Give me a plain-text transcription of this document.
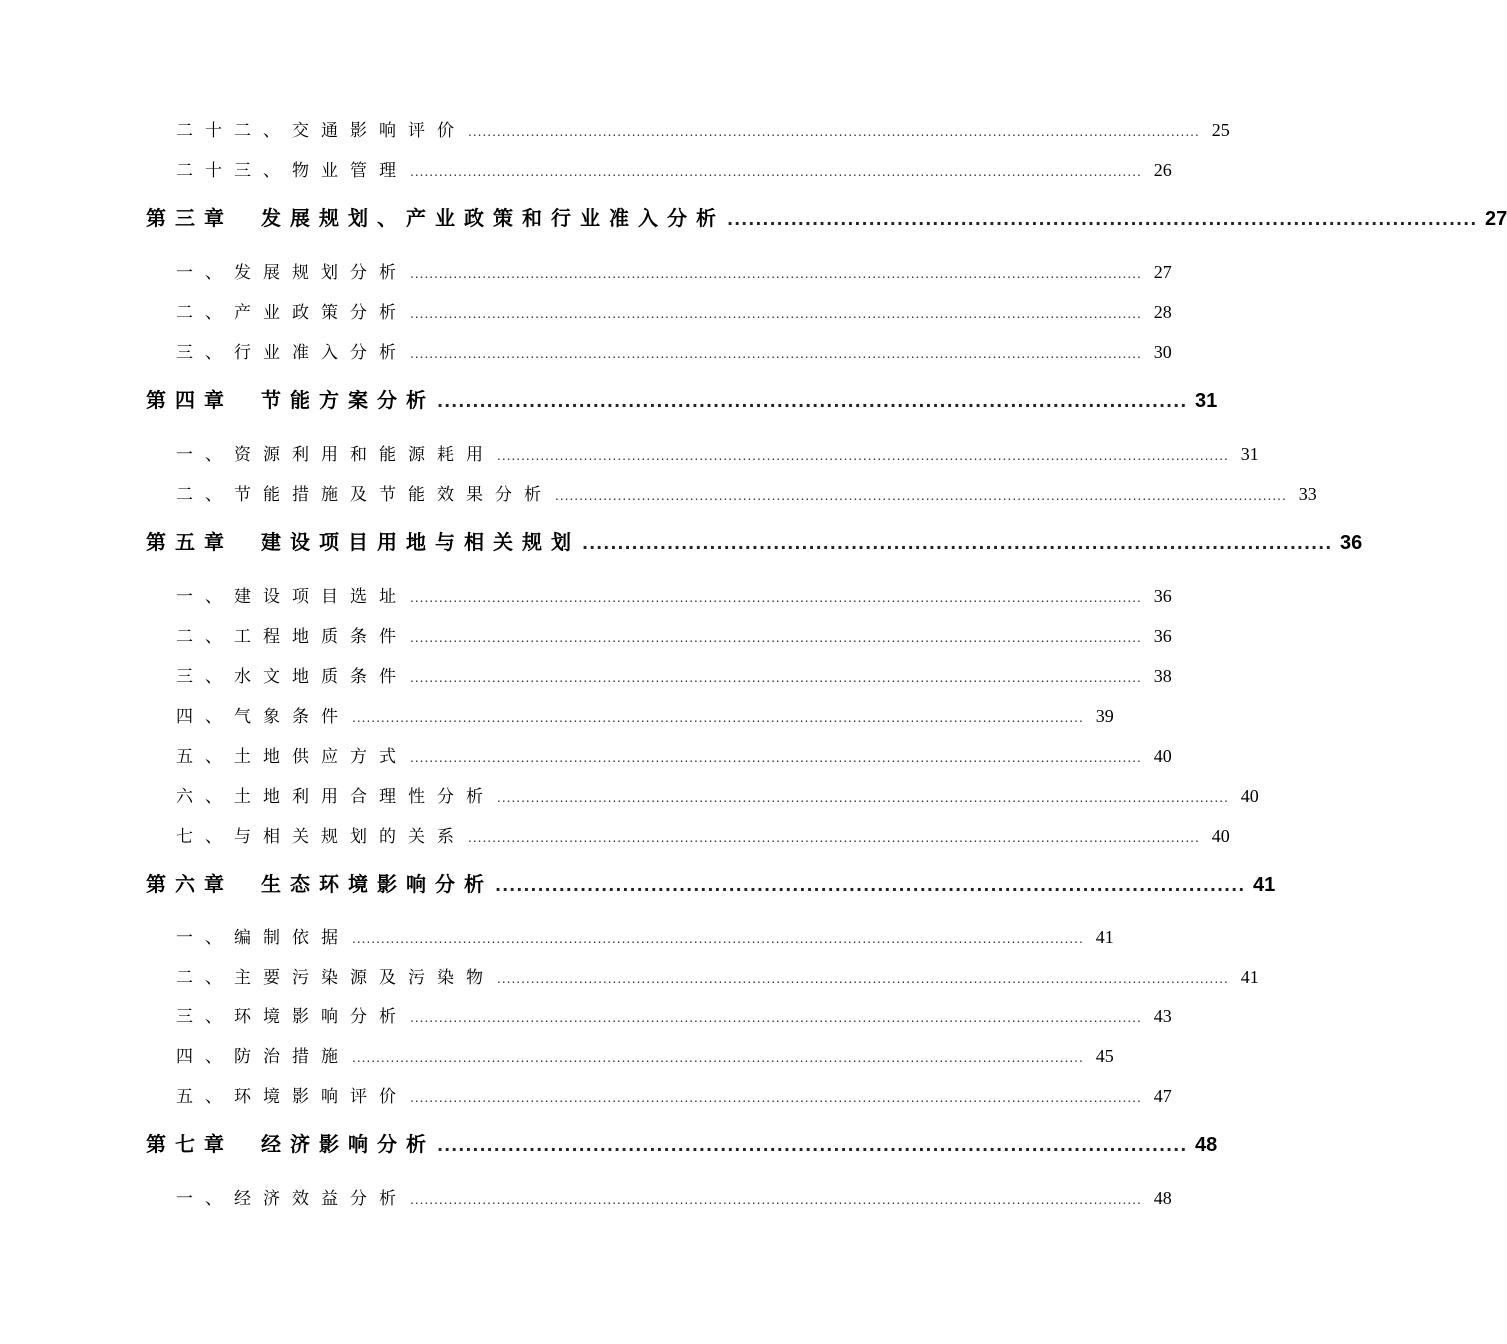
二十二、 交通影响评价 ........................................................................................................................................................ 25
二十三、 物业管理 ........................................................................................................................................................ 26
第三章 发展规划、产业政策和行业准入分析 .......................................................................................................... 27
一、 发展规划分析 ........................................................................................................................................................ 27
二、 产业政策分析 ........................................................................................................................................................ 28
三、 行业准入分析 ........................................................................................................................................................ 30
第四章 节能方案分析 .......................................................................................................... 31
一、 资源利用和能源耗用 ........................................................................................................................................................ 31
二、 节能措施及节能效果分析 ........................................................................................................................................................ 33
第五章 建设项目用地与相关规划 .......................................................................................................... 36
一、 建设项目选址 ........................................................................................................................................................ 36
二、 工程地质条件 ........................................................................................................................................................ 36
三、 水文地质条件 ........................................................................................................................................................ 38
四、 气象条件 ........................................................................................................................................................ 39
五、 土地供应方式 ........................................................................................................................................................ 40
六、 土地利用合理性分析 ........................................................................................................................................................ 40
七、 与相关规划的关系 ........................................................................................................................................................ 40
第六章 生态环境影响分析 .......................................................................................................... 41
一、 编制依据 ........................................................................................................................................................ 41
二、 主要污染源及污染物 ........................................................................................................................................................ 41
三、 环境影响分析 ........................................................................................................................................................ 43
四、 防治措施 ........................................................................................................................................................ 45
五、 环境影响评价 ........................................................................................................................................................ 47
第七章 经济影响分析 .......................................................................................................... 48
一、 经济效益分析 ........................................................................................................................................................ 48
